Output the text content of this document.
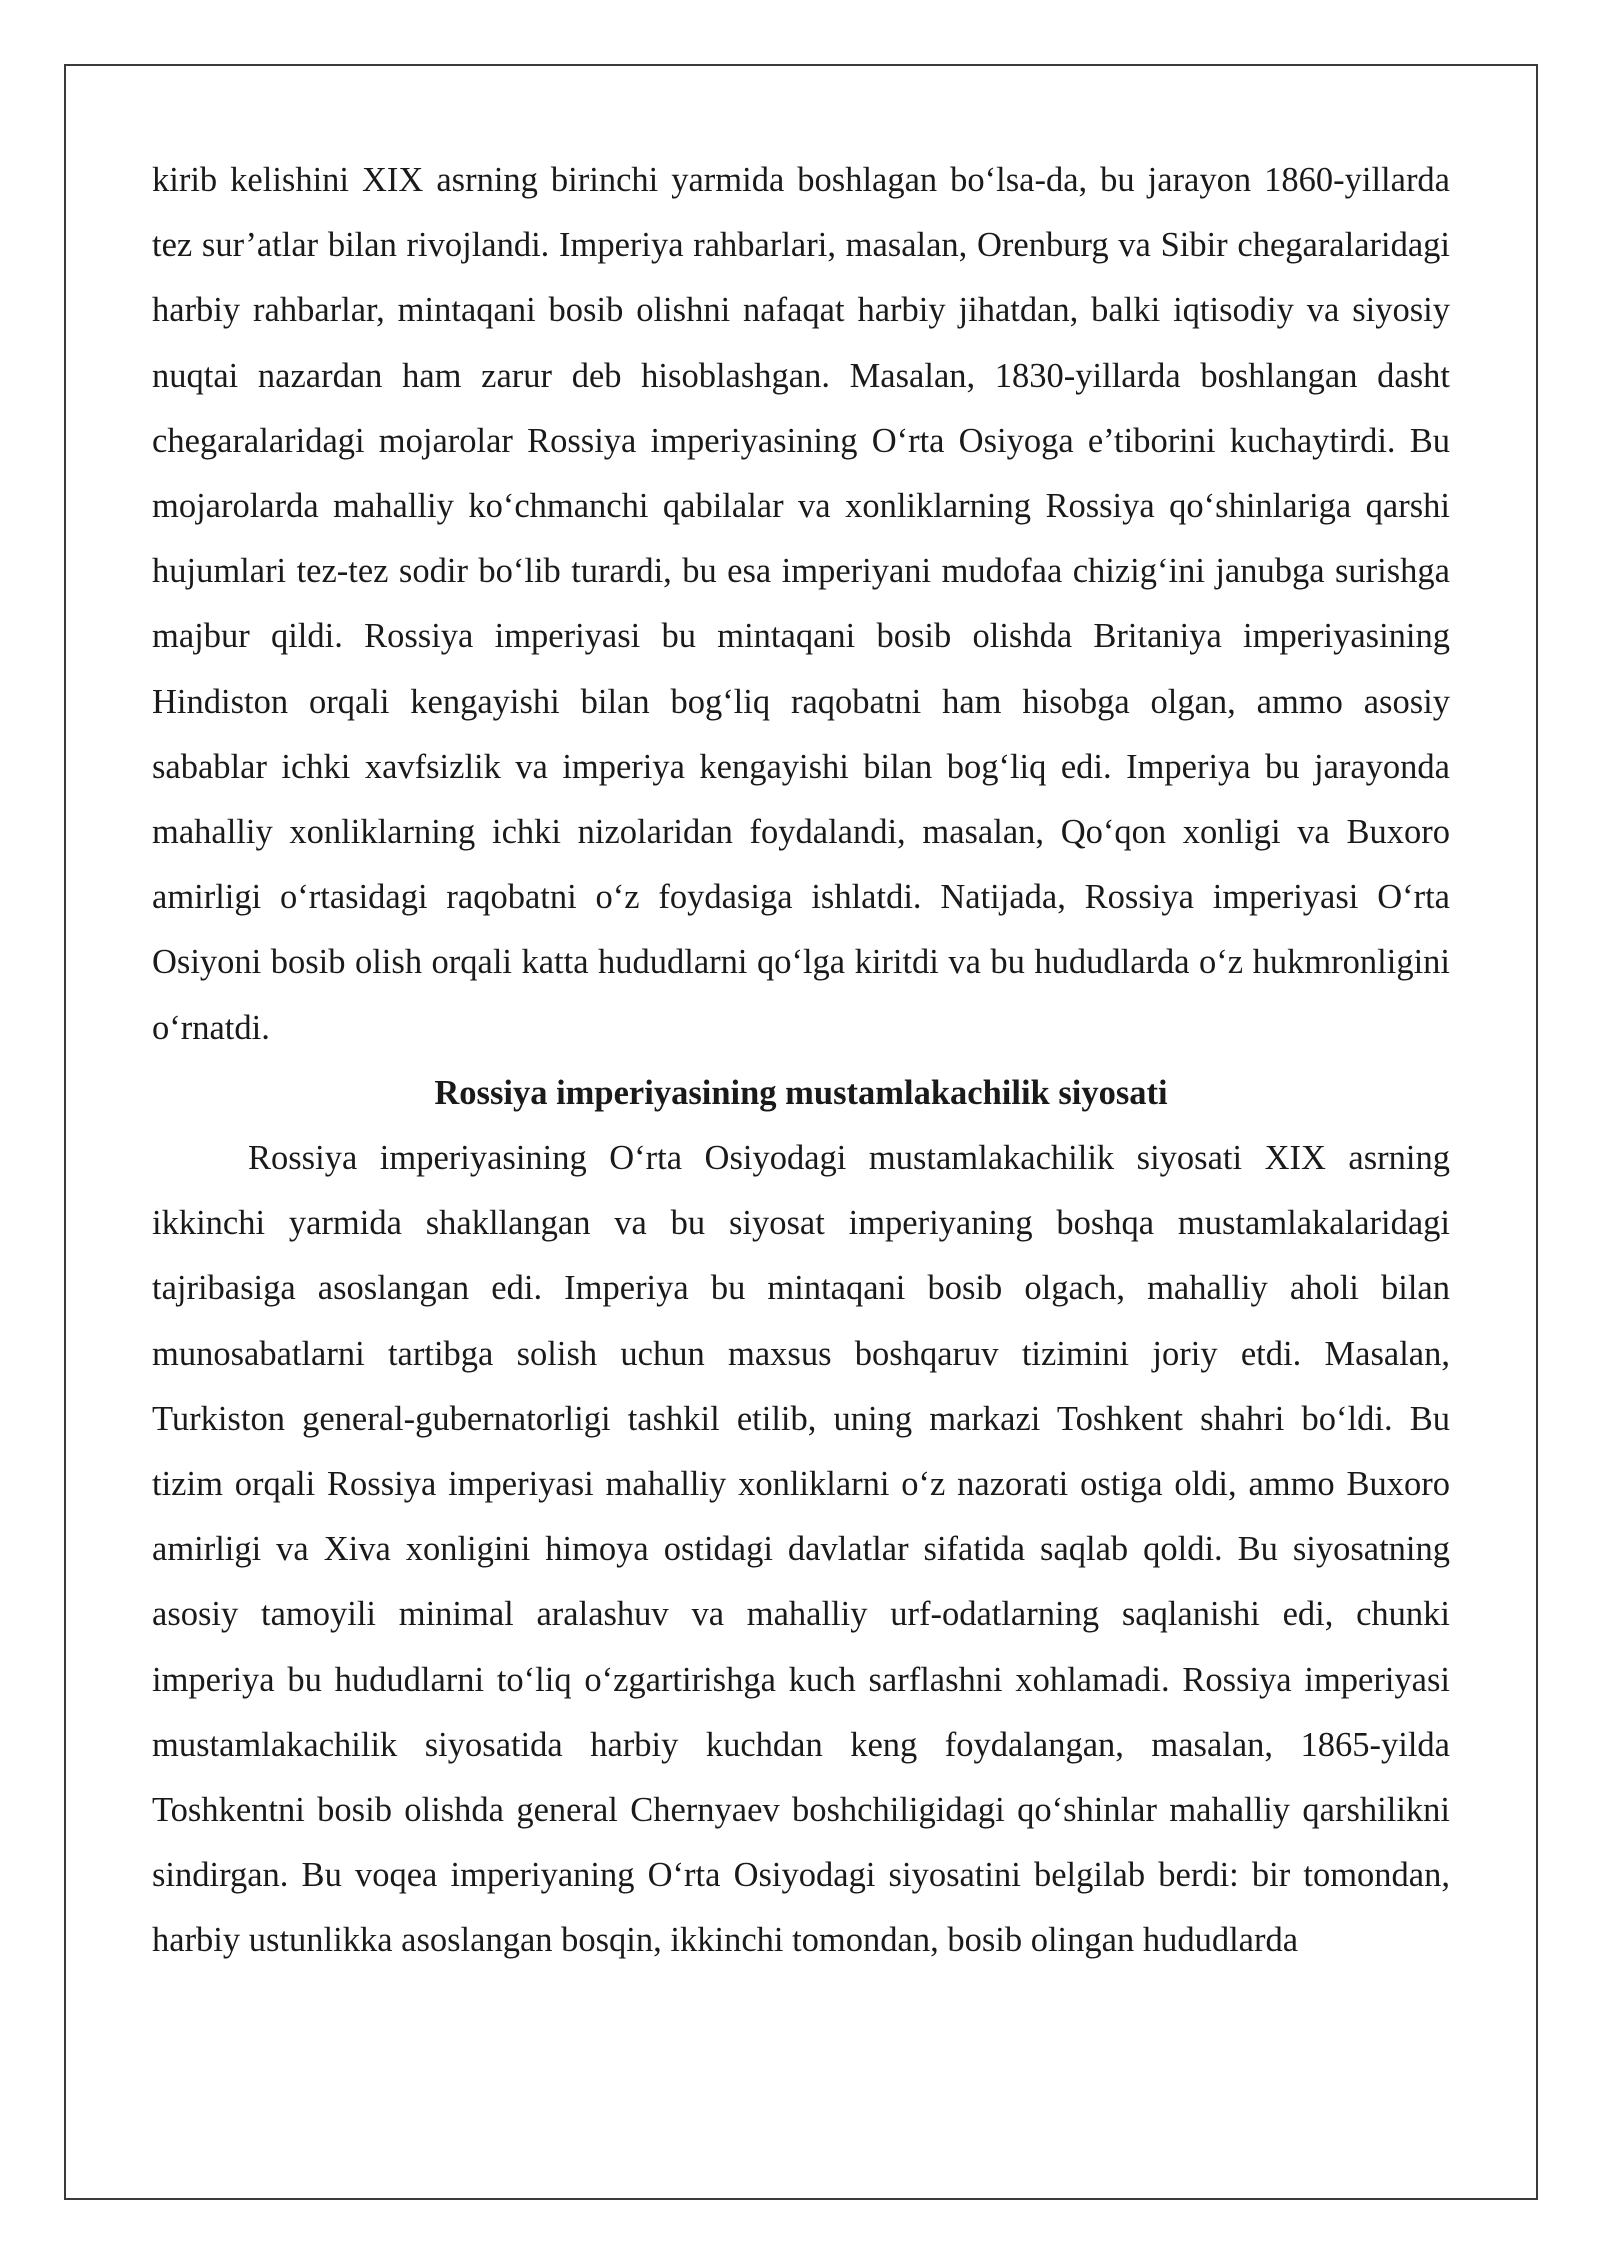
kirib kelishini XIX asrning birinchi yarmida boshlagan bo‘lsa-da, bu jarayon 1860-yillarda tez sur’atlar bilan rivojlandi. Imperiya rahbarlari, masalan, Orenburg va Sibir chegaralaridagi harbiy rahbarlar, mintaqani bosib olishni nafaqat harbiy jihatdan, balki iqtisodiy va siyosiy nuqtai nazardan ham zarur deb hisoblashgan. Masalan, 1830-yillarda boshlangan dasht chegaralaridagi mojarolar Rossiya imperiyasining O‘rta Osiyoga e’tiborini kuchaytirdi. Bu mojarolarda mahalliy ko‘chmanchi qabilalar va xonliklarning Rossiya qo‘shinlariga qarshi hujumlari tez-tez sodir bo‘lib turardi, bu esa imperiyani mudofaa chizig‘ini janubga surishga majbur qildi. Rossiya imperiyasi bu mintaqani bosib olishda Britaniya imperiyasining Hindiston orqali kengayishi bilan bog‘liq raqobatni ham hisobga olgan, ammo asosiy sabablar ichki xavfsizlik va imperiya kengayishi bilan bog‘liq edi. Imperiya bu jarayonda mahalliy xonliklarning ichki nizolaridan foydalandi, masalan, Qo‘qon xonligi va Buxoro amirligi o‘rtasidagi raqobatni o‘z foydasiga ishlatdi. Natijada, Rossiya imperiyasi O‘rta Osiyoni bosib olish orqali katta hududlarni qo‘lga kiritdi va bu hududlarda o‘z hukmronligini o‘rnatdi.

Rossiya imperiyasining mustamlakachilik siyosati

Rossiya imperiyasining O‘rta Osiyodagi mustamlakachilik siyosati XIX asrning ikkinchi yarmida shakllangan va bu siyosat imperiyaning boshqa mustamlakalaridagi tajribasiga asoslangan edi. Imperiya bu mintaqani bosib olgach, mahalliy aholi bilan munosabatlarni tartibga solish uchun maxsus boshqaruv tizimini joriy etdi. Masalan, Turkiston general-gubernatorligi tashkil etilib, uning markazi Toshkent shahri bo‘ldi. Bu tizim orqali Rossiya imperiyasi mahalliy xonliklarni o‘z nazorati ostiga oldi, ammo Buxoro amirligi va Xiva xonligini himoya ostidagi davlatlar sifatida saqlab qoldi. Bu siyosatning asosiy tamoyili minimal aralashuv va mahalliy urf-odatlarning saqlanishi edi, chunki imperiya bu hududlarni to‘liq o‘zgartirishga kuch sarflashni xohlamadi. Rossiya imperiyasi mustamlakachilik siyosatida harbiy kuchdan keng foydalangan, masalan, 1865-yilda Toshkentni bosib olishda general Chernyaev boshchiligidagi qo‘shinlar mahalliy qarshilikni sindirgan. Bu voqea imperiyaning O‘rta Osiyodagi siyosatini belgilab berdi: bir tomondan, harbiy ustunlikka asoslangan bosqin, ikkinchi tomondan, bosib olingan hududlarda
